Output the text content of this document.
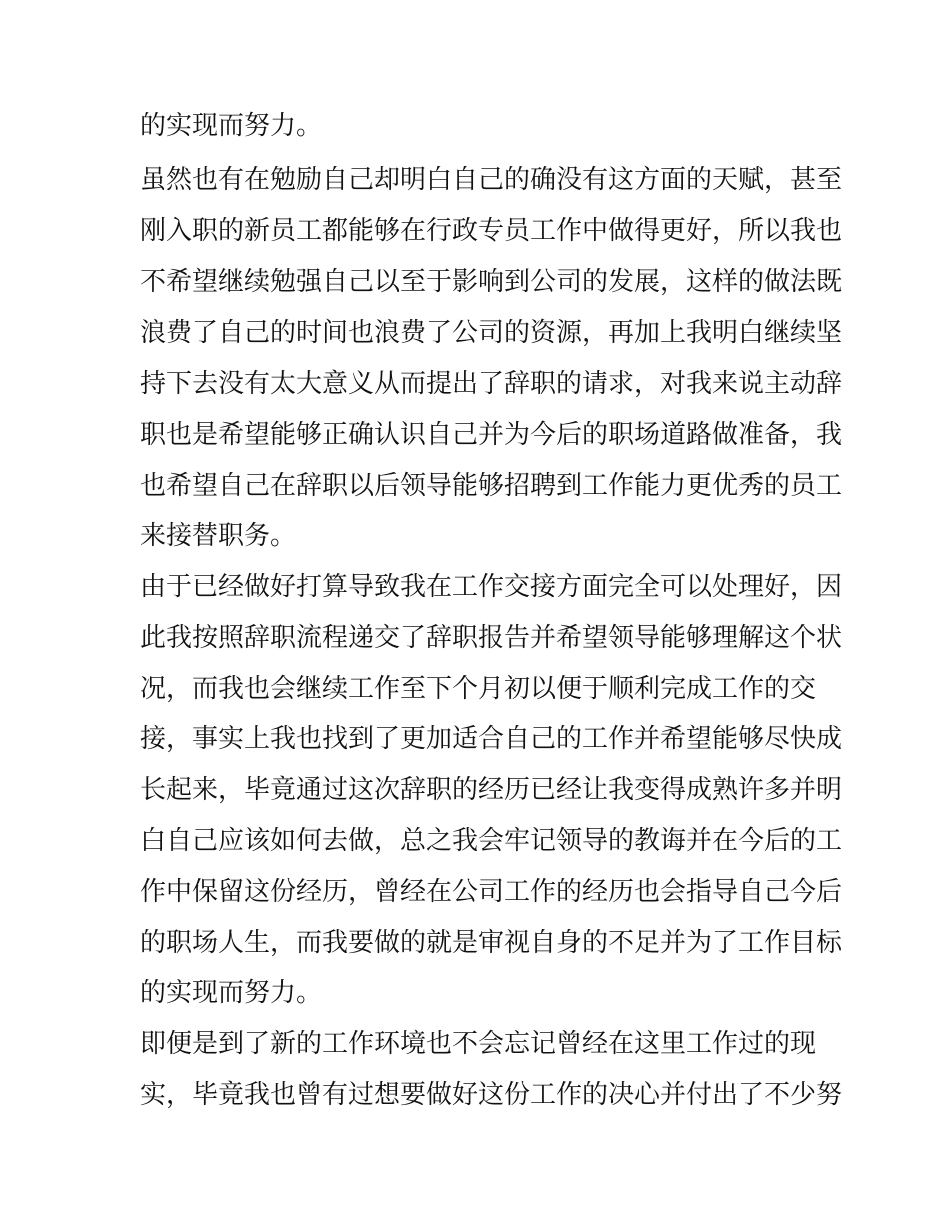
的实现而努力。

虽然也有在勉励自己却明白自己的确没有这方面的天赋，甚至

刚入职的新员工都能够在行政专员工作中做得更好，所以我也

不希望继续勉强自己以至于影响到公司的发展，这样的做法既

浪费了自己的时间也浪费了公司的资源，再加上我明白继续坚

持下去没有太大意义从而提出了辞职的请求，对我来说主动辞

职也是希望能够正确认识自己并为今后的职场道路做准备，我

也希望自己在辞职以后领导能够招聘到工作能力更优秀的员工

来接替职务。

由于已经做好打算导致我在工作交接方面完全可以处理好，因

此我按照辞职流程递交了辞职报告并希望领导能够理解这个状

况，而我也会继续工作至下个月初以便于顺利完成工作的交

接，事实上我也找到了更加适合自己的工作并希望能够尽快成

长起来，毕竟通过这次辞职的经历已经让我变得成熟许多并明

白自己应该如何去做，总之我会牢记领导的教诲并在今后的工

作中保留这份经历，曾经在公司工作的经历也会指导自己今后

的职场人生，而我要做的就是审视自身的不足并为了工作目标

的实现而努力。

即便是到了新的工作环境也不会忘记曾经在这里工作过的现

实，毕竟我也曾有过想要做好这份工作的决心并付出了不少努
